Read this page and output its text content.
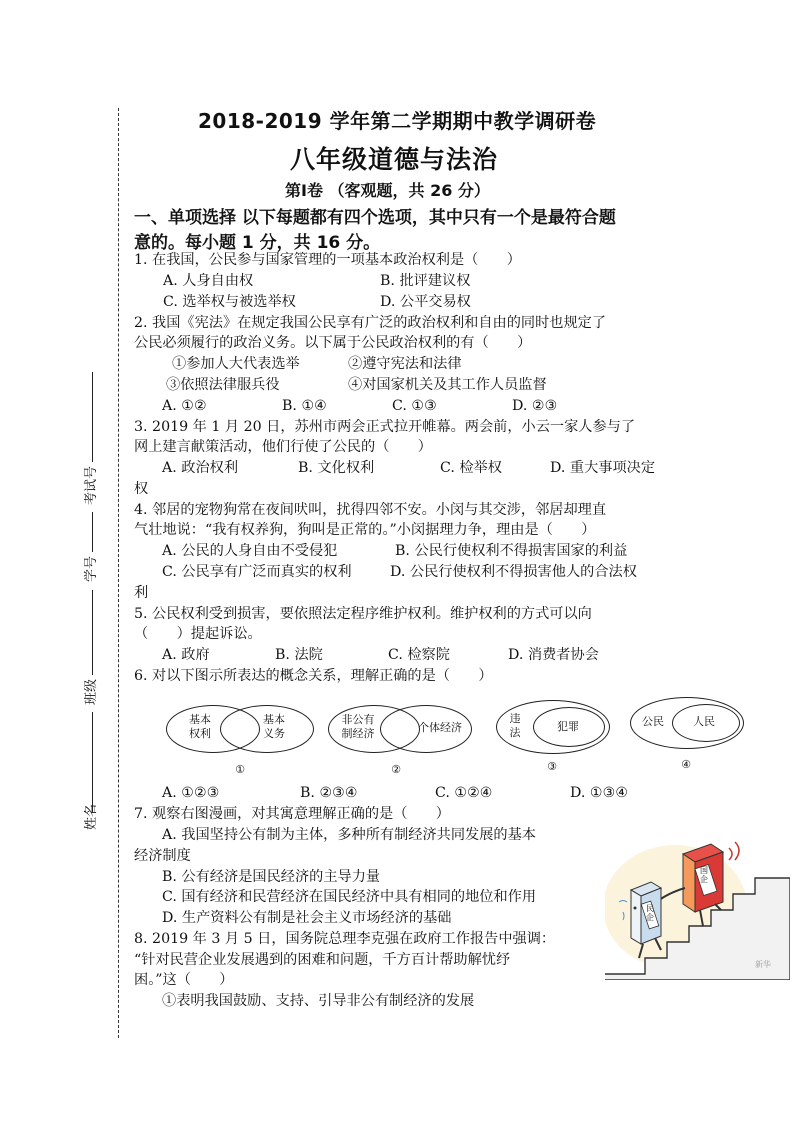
考试号
学号
班级
姓名
2018-2019 学年第二学期期中教学调研卷
八年级道德与法治
第Ⅰ卷 （客观题，共 26 分）
一、单项选择 以下每题都有四个选项，其中只有一个是最符合题
意的。每小题 1 分，共 16 分。
1. 在我国，公民参与国家管理的一项基本政治权利是（　　）
A. 人身自由权	B. 批评建议权
C. 选举权与被选举权	D. 公平交易权
2. 我国《宪法》在规定我国公民享有广泛的政治权利和自由的同时也规定了
公民必须履行的政治义务。以下属于公民政治权利的有（　　）
①参加人大代表选举	②遵守宪法和法律
③依照法律服兵役	④对国家机关及其工作人员监督
A. ①②	B. ①④	C. ①③	D. ②③
3. 2019 年 1 月 20 日，苏州市两会正式拉开帷幕。两会前，小云一家人参与了
网上建言献策活动，他们行使了公民的（　　）
A. 政治权利	B. 文化权利	C. 检举权	D. 重大事项决定
权
4. 邻居的宠物狗常在夜间吠叫，扰得四邻不安。小闵与其交涉，邻居却理直
气壮地说：“我有权养狗，狗叫是正常的。”小闵据理力争，理由是（　　）
A. 公民的人身自由不受侵犯	B. 公民行使权利不得损害国家的利益
C. 公民享有广泛而真实的权利	D. 公民行使权利不得损害他人的合法权
利
5. 公民权利受到损害，要依照法定程序维护权利。维护权利的方式可以向
（　　）提起诉讼。
A. 政府	B. 法院	C. 检察院	D. 消费者协会
6. 对以下图示所表达的概念关系，理解正确的是（　　）
基本
权利
基本
义务
①
非公有
制经济	个体经济
②
违
法	犯罪
③
公民	人民
④
A. ①②③	B. ②③④	C. ①②④	D. ①③④
7. 观察右图漫画，对其寓意理解正确的是（　　）
A. 我国坚持公有制为主体，多种所有制经济共同发展的基本
经济制度
B. 公有经济是国民经济的主导力量
C. 国有经济和民营经济在国民经济中具有相同的地位和作用
D. 生产资料公有制是社会主义市场经济的基础
国企
民企
新华
8. 2019 年 3 月 5 日，国务院总理李克强在政府工作报告中强调：
“针对民营企业发展遇到的困难和问题，千方百计帮助解忧纾
困。”这（　　）
①表明我国鼓励、支持、引导非公有制经济的发展
